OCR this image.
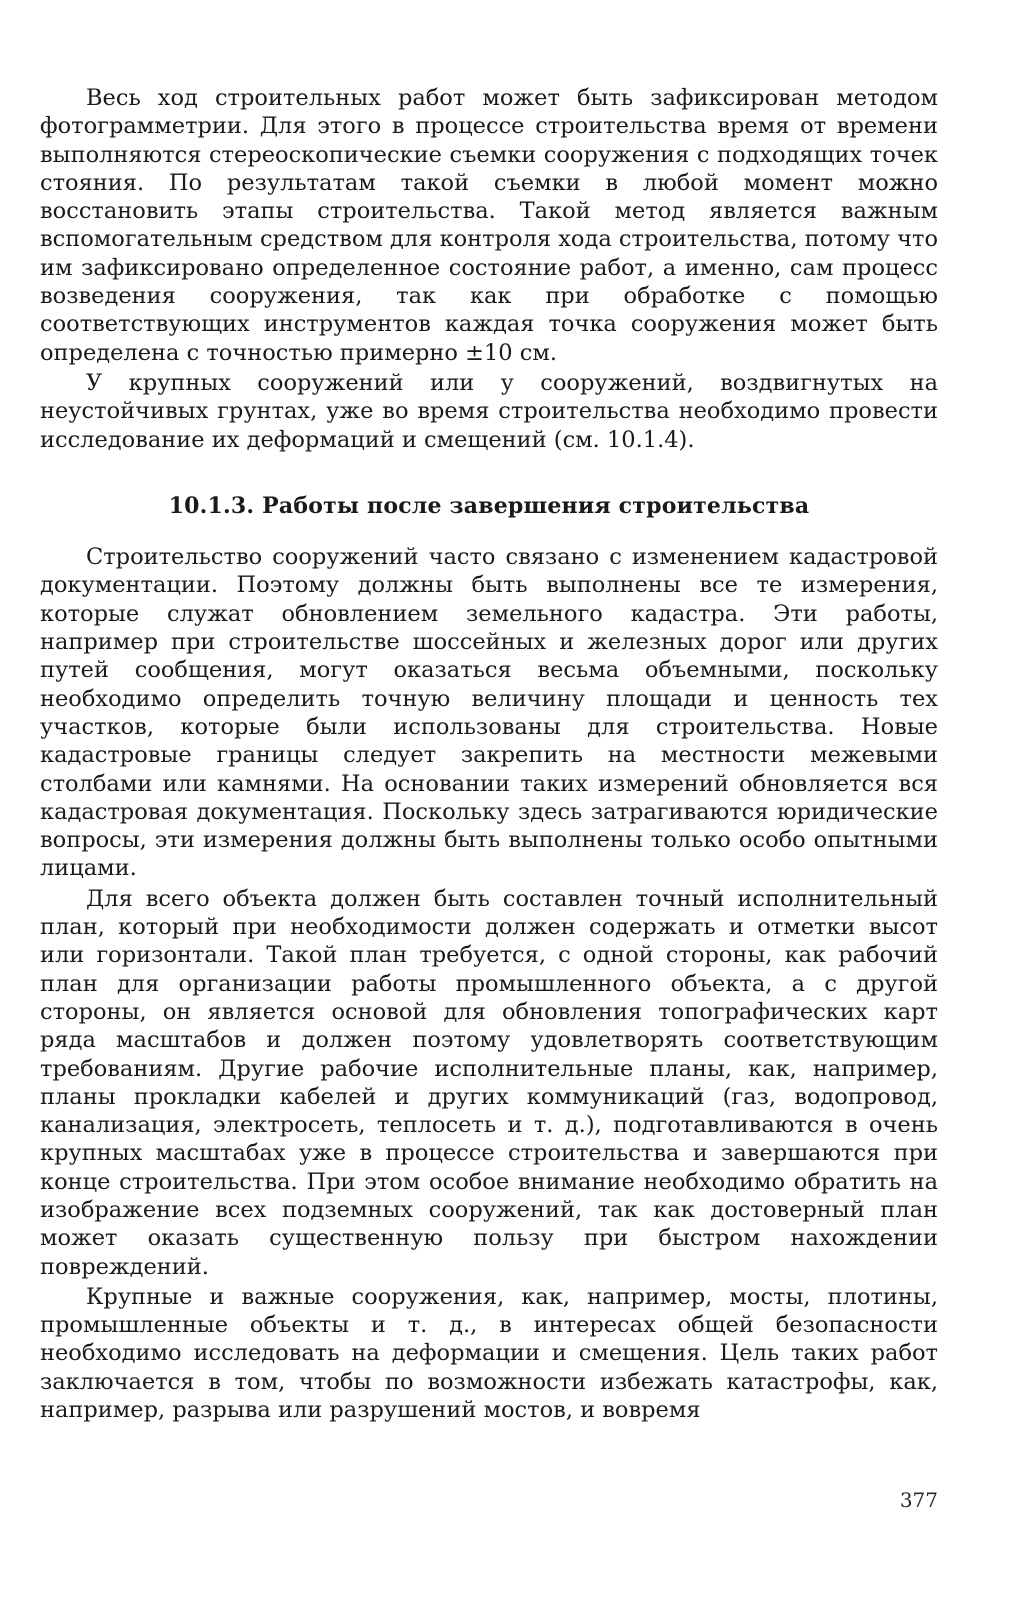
Весь ход строительных работ может быть зафиксирован методом фотограмметрии. Для этого в процессе строительства время от времени выполняются стереоскопические съемки сооружения с подходящих точек стояния. По результатам такой съемки в любой момент можно восстановить этапы строительства. Такой метод является важным вспомогательным средством для контроля хода строительства, потому что им зафиксировано определенное состояние работ, а именно, сам процесс возведения сооружения, так как при обработке с помощью соответствующих инструментов каждая точка сооружения может быть определена с точностью примерно ±10 см.

У крупных сооружений или у сооружений, воздвигнутых на неустойчивых грунтах, уже во время строительства необходимо провести исследование их деформаций и смещений (см. 10.1.4).

10.1.3. Работы после завершения строительства

Строительство сооружений часто связано с изменением кадастровой документации. Поэтому должны быть выполнены все те измерения, которые служат обновлением земельного кадастра. Эти работы, например при строительстве шоссейных и железных дорог или других путей сообщения, могут оказаться весьма объемными, поскольку необходимо определить точную величину площади и ценность тех участков, которые были использованы для строительства. Новые кадастровые границы следует закрепить на местности межевыми столбами или камнями. На основании таких измерений обновляется вся кадастровая документация. Поскольку здесь затрагиваются юридические вопросы, эти измерения должны быть выполнены только особо опытными лицами.

Для всего объекта должен быть составлен точный исполнительный план, который при необходимости должен содержать и отметки высот или горизонтали. Такой план требуется, с одной стороны, как рабочий план для организации работы промышленного объекта, а с другой стороны, он является основой для обновления топографических карт ряда масштабов и должен поэтому удовлетворять соответствующим требованиям. Другие рабочие исполнительные планы, как, например, планы прокладки кабелей и других коммуникаций (газ, водопровод, канализация, электросеть, теплосеть и т. д.), подготавливаются в очень крупных масштабах уже в процессе строительства и завершаются при конце строительства. При этом особое внимание необходимо обратить на изображение всех подземных сооружений, так как достоверный план может оказать существенную пользу при быстром нахождении повреждений.

Крупные и важные сооружения, как, например, мосты, плотины, промышленные объекты и т. д., в интересах общей безопасности необходимо исследовать на деформации и смещения. Цель таких работ заключается в том, чтобы по возможности избежать катастрофы, как, например, разрыва или разрушений мостов, и вовремя

377
